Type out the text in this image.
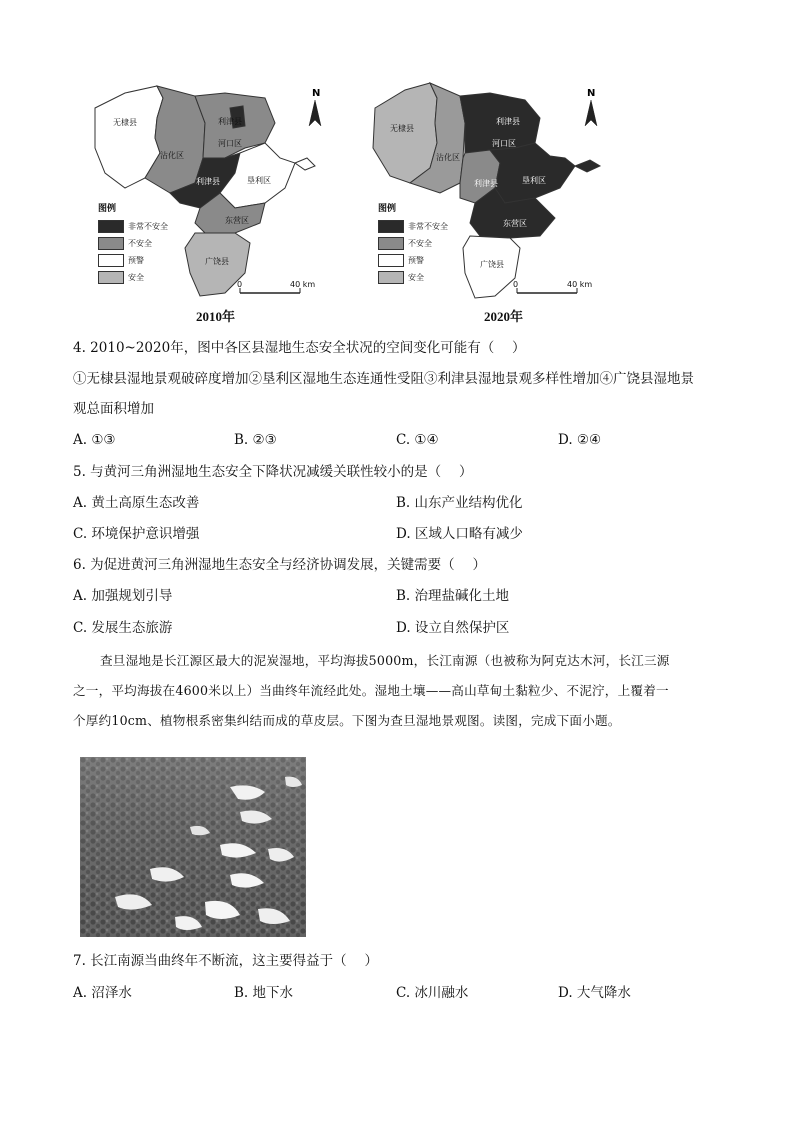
N
无棣县
沾化区
利津县
河口区
利津县	垦利区
东营区
广饶县
图例
非常不安全
不安全
预警
安全
0	40 km
2010年
N
无棣县
沾化区
利津县
河口区
利津县	垦利区
东营区
广饶县
图例
非常不安全
不安全
预警
安全
0	40 km
2020年
4. 2010~2020年，图中各区县湿地生态安全状况的空间变化可能有（　 ）
①无棣县湿地景观破碎度增加②垦利区湿地生态连通性受阻③利津县湿地景观多样性增加④广饶县湿地景
观总面积增加
A. ①③	B. ②③	C. ①④	D. ②④
5. 与黄河三角洲湿地生态安全下降状况减缓关联性较小的是（　 ）
A. 黄土高原生态改善	B. 山东产业结构优化
C. 环境保护意识增强	D. 区域人口略有减少
6. 为促进黄河三角洲湿地生态安全与经济协调发展，关键需要（　 ）
A. 加强规划引导	B. 治理盐碱化土地
C. 发展生态旅游	D. 设立自然保护区
查旦湿地是长江源区最大的泥炭湿地，平均海拔5000m，长江南源（也被称为阿克达木河，长江三源
之一，平均海拔在4600米以上）当曲终年流经此处。湿地土壤——高山草甸土黏粒少、不泥泞，上覆着一
个厚约10cm、植物根系密集纠结而成的草皮层。下图为查旦湿地景观图。读图，完成下面小题。
7. 长江南源当曲终年不断流，这主要得益于（　 ）
A. 沼泽水	B. 地下水	C. 冰川融水	D. 大气降水
